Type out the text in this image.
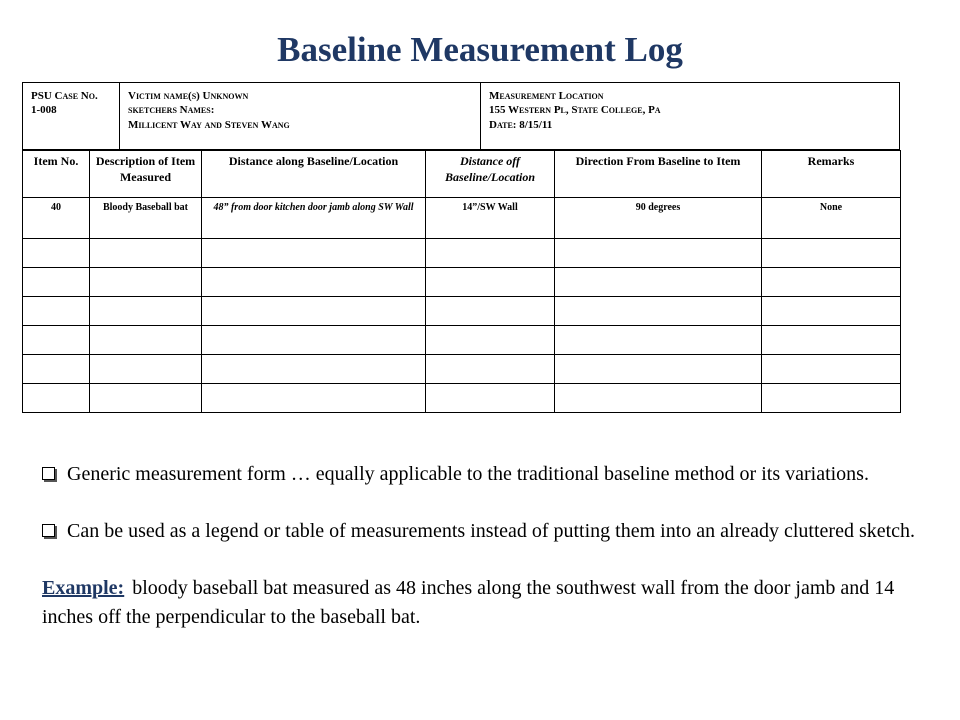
Baseline Measurement Log
PSU Case No.
1-008
Victim name(s) Unknown
sketchers Names:
Millicent Way and Steven Wang
Measurement Location
155 Western Pl, State College, Pa
Date: 8/15/11
Item No.	Description of Item Measured	Distance along Baseline/Location	Distance off Baseline/Location	Direction From Baseline to Item	Remarks
40	Bloody Baseball bat	48” from door kitchen door jamb along SW Wall	14”/SW Wall	90 degrees	None

Generic measurement form … equally applicable to the traditional baseline method or its variations.

Can be used as a legend or table of measurements instead of putting them into an already cluttered sketch.

Example: bloody baseball bat measured as 48 inches along the southwest wall from the door jamb and 14 inches off the perpendicular to the baseball bat.
